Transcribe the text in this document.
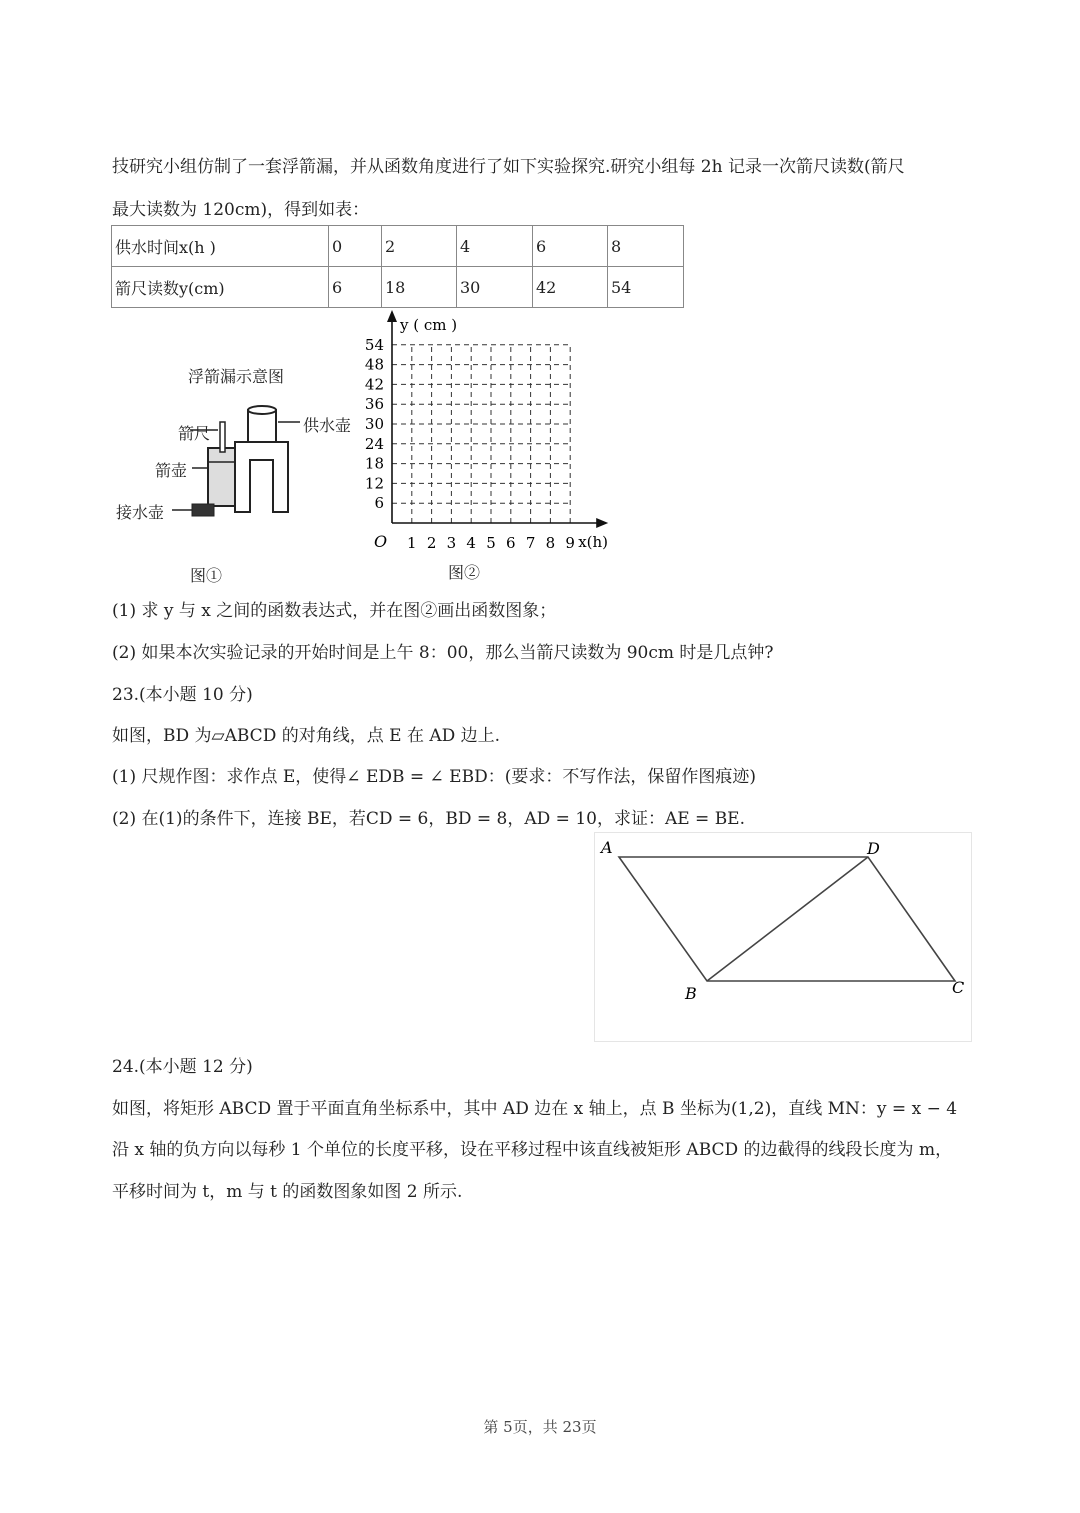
技研究小组仿制了一套浮箭漏，并从函数角度进行了如下实验探究.研究小组每 2h 记录一次箭尺读数(箭尺
最大读数为 120cm)，得到如表：
供水时间x(h )	0	2	4	6	8
箭尺读数y(cm)	6	18	30	42	54
浮箭漏示意图
箭尺	供水壶
箭壶
接水壶
图①
6
12
18
24
30
36
42
48
54
1 2 3 4 5 6 7 8 9
O
y ( cm )
x(h)
图②
(1) 求 y 与 x 之间的函数表达式，并在图②画出函数图象；
(2) 如果本次实验记录的开始时间是上午 8：00，那么当箭尺读数为 90cm 时是几点钟?
23.(本小题 10 分)
如图，BD 为▱ABCD 的对角线，点 E 在 AD 边上.
(1) 尺规作图：求作点 E，使得∠ EDB = ∠ EBD：(要求：不写作法，保留作图痕迹)
(2) 在(1)的条件下，连接 BE，若CD = 6，BD = 8，AD = 10，求证：AE = BE.
A	D
B	C
24.(本小题 12 分)
如图，将矩形 ABCD 置于平面直角坐标系中，其中 AD 边在 x 轴上，点 B 坐标为(1,2)，直线 MN：y = x − 4
沿 x 轴的负方向以每秒 1 个单位的长度平移，设在平移过程中该直线被矩形 ABCD 的边截得的线段长度为 m，
平移时间为 t，m 与 t 的函数图象如图 2 所示.
第 5页，共 23页
